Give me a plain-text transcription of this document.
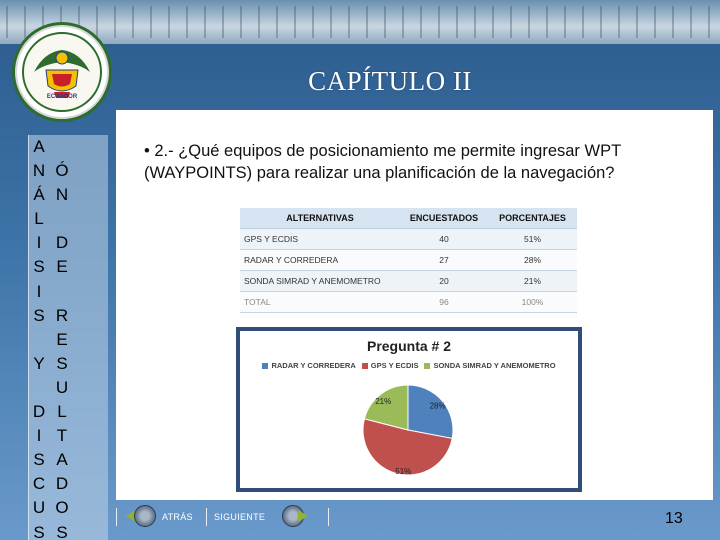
ECUADOR
CAPÍTULO II
A
N
Á
L
I
S
I
S
Y
D
I
S
C
U
S
Ó
N
D
E
R
E
S
U
L
T
A
D
O
S
• 2.- ¿Qué equipos de posicionamiento me permite ingresar WPT (WAYPOINTS) para realizar una planificación de la navegación?
ALTERNATIVAS	ENCUESTADOS	PORCENTAJES
GPS Y ECDIS	40	51%
RADAR Y CORREDERA	27	28%
SONDA SIMRAD Y ANEMOMETRO	20	21%
TOTAL	96	100%
Pregunta # 2
RADAR Y CORREDERA GPS Y ECDIS SONDA SIMRAD Y ANEMOMETRO
28%
51%
21%
ATRÁS SIGUIENTE	13
